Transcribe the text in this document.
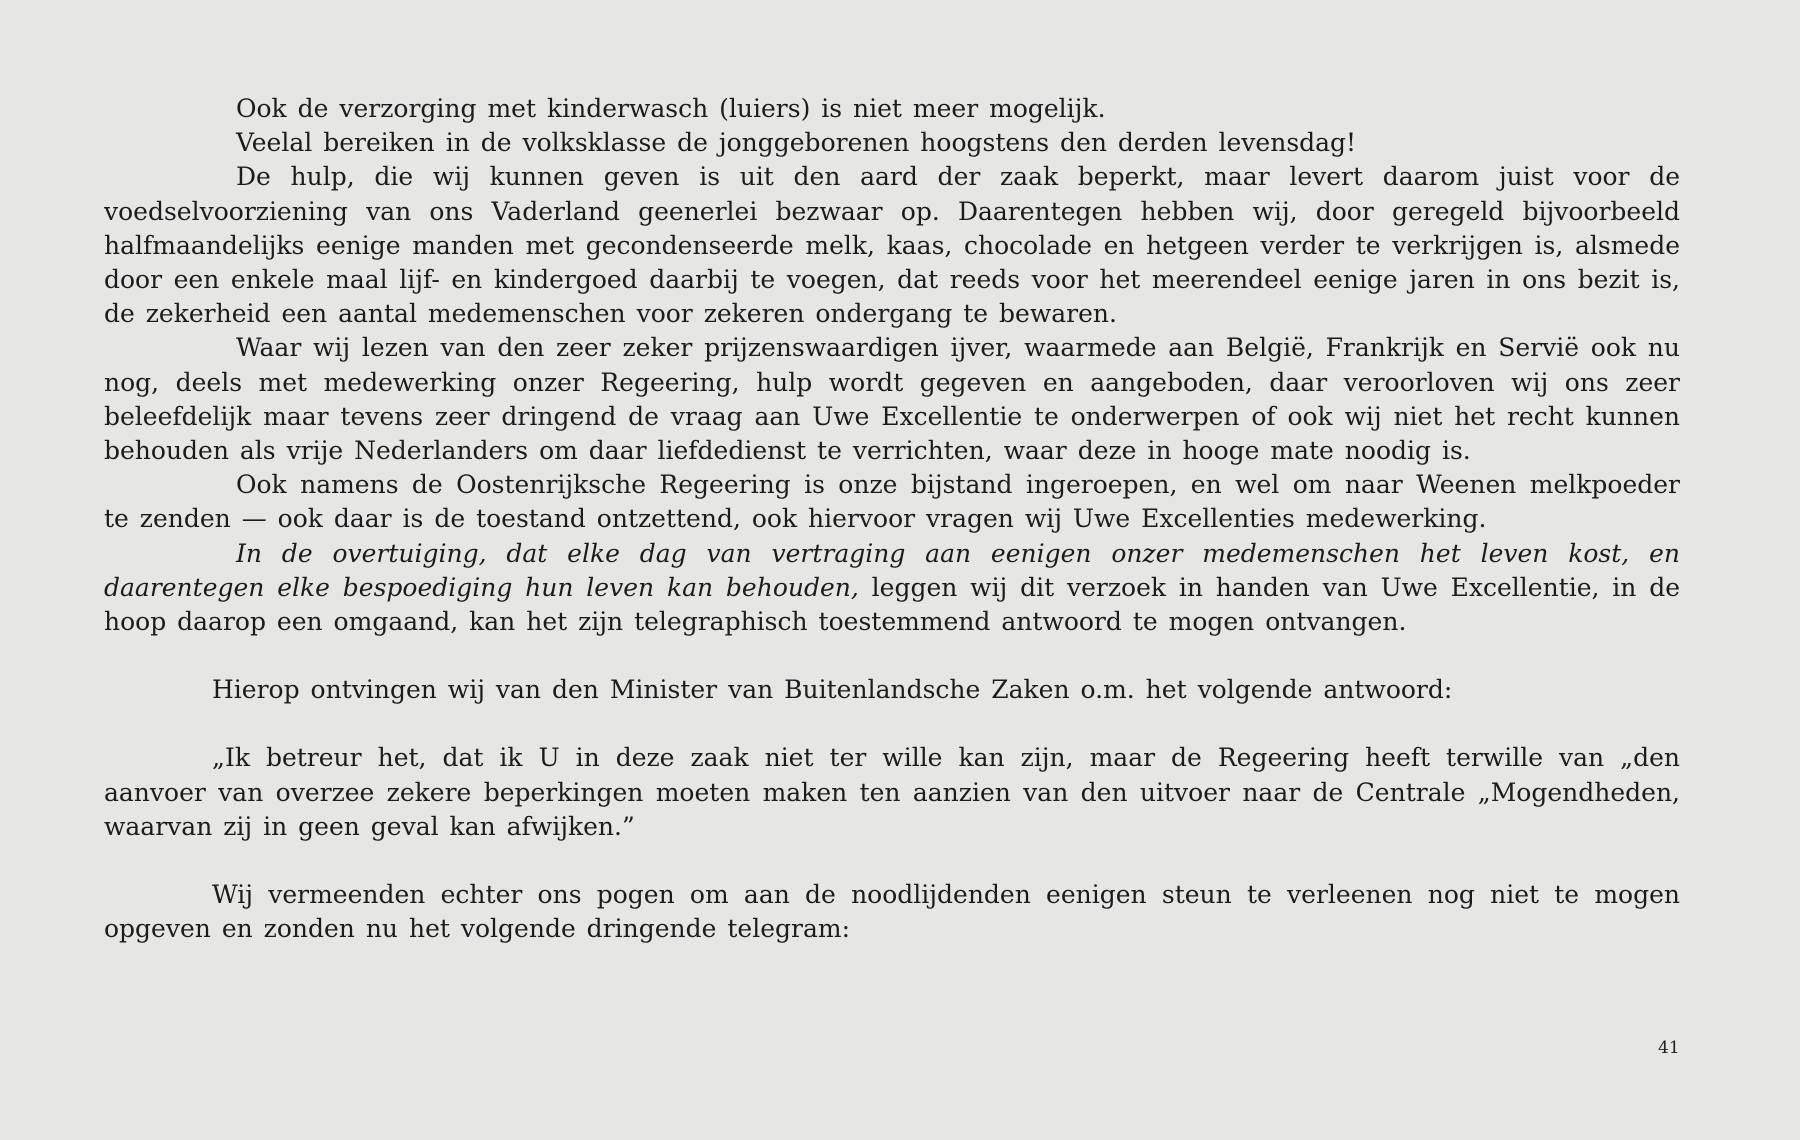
Ook de verzorging met kinderwasch (luiers) is niet meer mogelijk.

Veelal bereiken in de volksklasse de jonggeborenen hoogstens den derden levensdag!

De hulp, die wij kunnen geven is uit den aard der zaak beperkt, maar levert daarom juist voor de voedselvoorziening van ons Vaderland geenerlei bezwaar op. Daarentegen hebben wij, door geregeld bijvoorbeeld halfmaandelijks eenige manden met gecondenseerde melk, kaas, chocolade en hetgeen verder te verkrijgen is, alsmede door een enkele maal lijf- en kindergoed daarbij te voegen, dat reeds voor het meerendeel eenige jaren in ons bezit is, de zekerheid een aantal medemenschen voor zekeren ondergang te bewaren.

Waar wij lezen van den zeer zeker prijzenswaardigen ijver, waarmede aan België, Frankrijk en Servië ook nu nog, deels met medewerking onzer Regeering, hulp wordt gegeven en aangeboden, daar veroorloven wij ons zeer beleefdelijk maar tevens zeer dringend de vraag aan Uwe Excellentie te onderwerpen of ook wij niet het recht kunnen behouden als vrije Nederlanders om daar liefdedienst te verrichten, waar deze in hooge mate noodig is.

Ook namens de Oostenrijksche Regeering is onze bijstand ingeroepen, en wel om naar Weenen melkpoeder te zenden — ook daar is de toestand ontzettend, ook hiervoor vragen wij Uwe Excellenties medewerking.

In de overtuiging, dat elke dag van vertraging aan eenigen onzer medemenschen het leven kost, en daarentegen elke bespoediging hun leven kan behouden, leggen wij dit verzoek in handen van Uwe Excellentie, in de hoop daarop een omgaand, kan het zijn telegraphisch toestemmend antwoord te mogen ontvangen.

Hierop ontvingen wij van den Minister van Buitenlandsche Zaken o.m. het volgende antwoord:

„Ik betreur het, dat ik U in deze zaak niet ter wille kan zijn, maar de Regeering heeft terwille van „den aanvoer van overzee zekere beperkingen moeten maken ten aanzien van den uitvoer naar de Centrale „Mogendheden, waarvan zij in geen geval kan afwijken.”

Wij vermeenden echter ons pogen om aan de noodlijdenden eenigen steun te verleenen nog niet te mogen opgeven en zonden nu het volgende dringende telegram:

41
